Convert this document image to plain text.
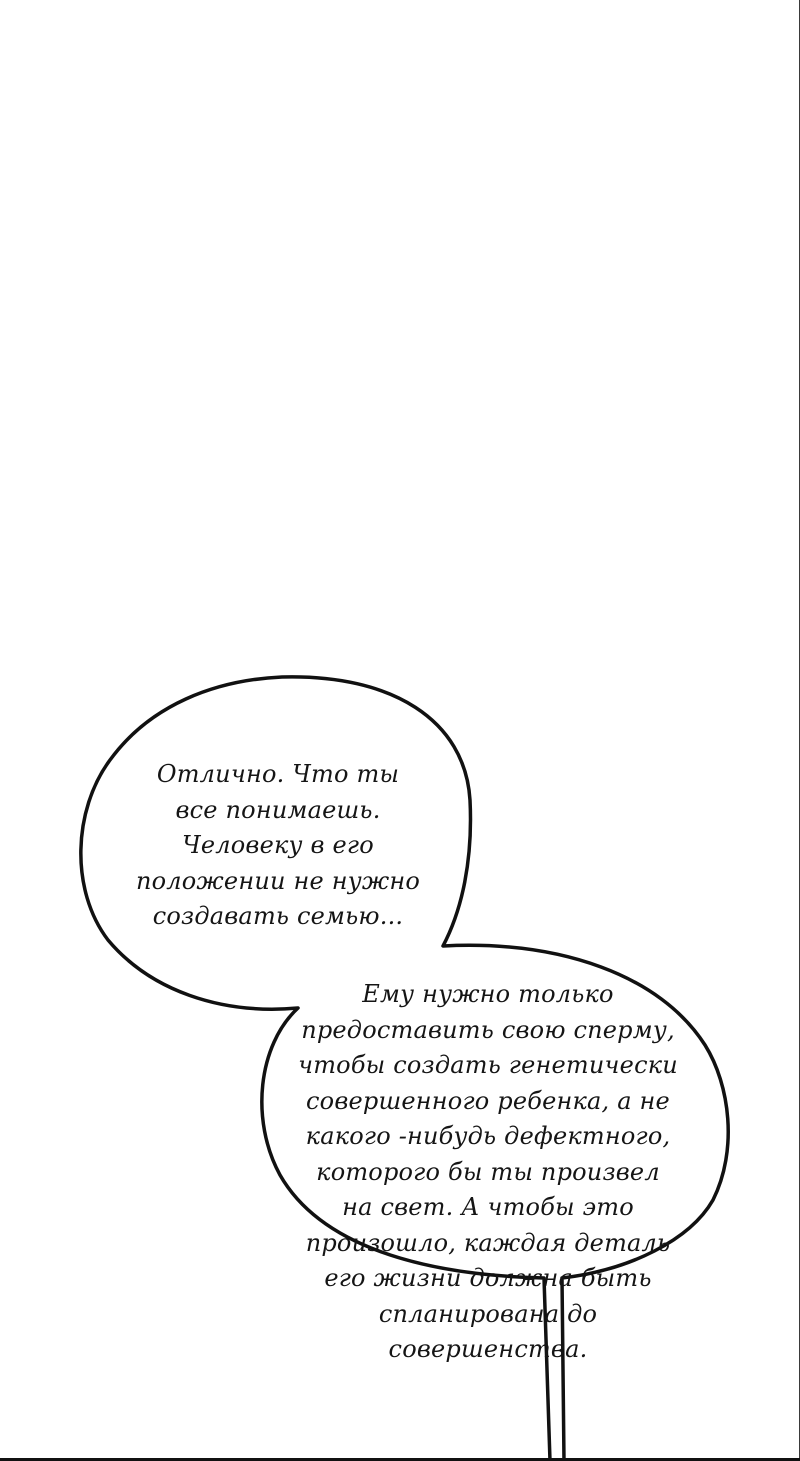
Отлично. Что ты
все понимаешь.
Человеку в его
положении не нужно
создавать семью...

Ему нужно только
предоставить свою сперму,
чтобы создать генетически
совершенного ребенка, а не
какого -нибудь дефектного,
которого бы ты произвел
на свет. А чтобы это
произошло, каждая деталь
его жизни должна быть
спланирована до
совершенства.
